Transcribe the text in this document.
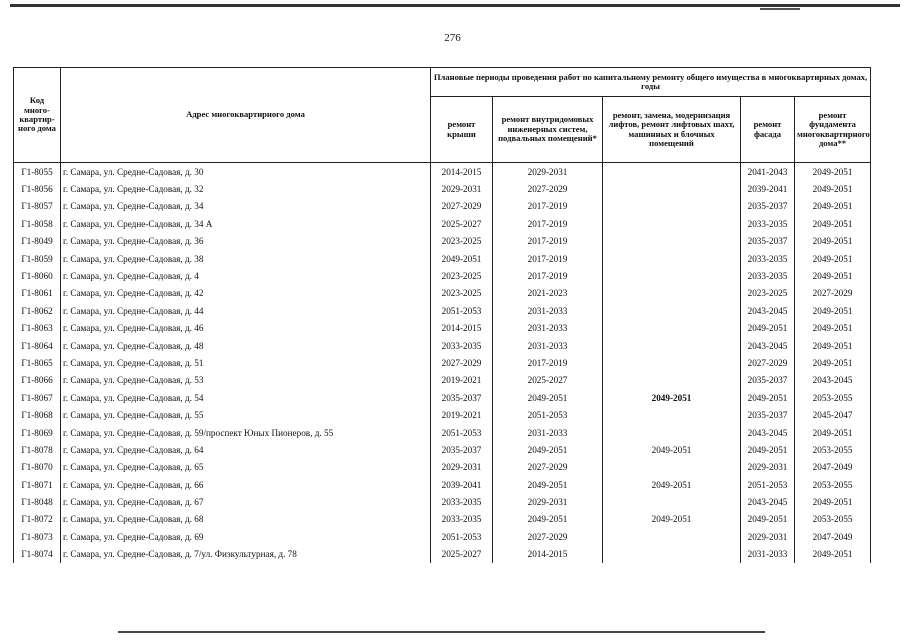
276
Код много-квартир-ного дома	Адрес многоквартирного дома	Плановые периоды проведения работ по капитальному ремонту общего имущества в многоквартирных домах, годы				
		ремонт крыши	ремонт внутридомовых инженерных систем, подвальных помещений*	ремонт, замена, модернизация лифтов, ремонт лифтовых шахт, машинных и блочных помещений	ремонт фасада	ремонт фундамента многоквартирного дома**
Г1-8055	г. Самара, ул. Средне-Садовая, д. 30	2014-2015	2029-2031		2041-2043	2049-2051
Г1-8056	г. Самара, ул. Средне-Садовая, д. 32	2029-2031	2027-2029		2039-2041	2049-2051
Г1-8057	г. Самара, ул. Средне-Садовая, д. 34	2027-2029	2017-2019		2035-2037	2049-2051
Г1-8058	г. Самара, ул. Средне-Садовая, д. 34 А	2025-2027	2017-2019		2033-2035	2049-2051
Г1-8049	г. Самара, ул. Средне-Садовая, д. 36	2023-2025	2017-2019		2035-2037	2049-2051
Г1-8059	г. Самара, ул. Средне-Садовая, д. 38	2049-2051	2017-2019		2033-2035	2049-2051
Г1-8060	г. Самара, ул. Средне-Садовая, д. 4	2023-2025	2017-2019		2033-2035	2049-2051
Г1-8061	г. Самара, ул. Средне-Садовая, д. 42	2023-2025	2021-2023		2023-2025	2027-2029
Г1-8062	г. Самара, ул. Средне-Садовая, д. 44	2051-2053	2031-2033		2043-2045	2049-2051
Г1-8063	г. Самара, ул. Средне-Садовая, д. 46	2014-2015	2031-2033		2049-2051	2049-2051
Г1-8064	г. Самара, ул. Средне-Садовая, д. 48	2033-2035	2031-2033		2043-2045	2049-2051
Г1-8065	г. Самара, ул. Средне-Садовая, д. 51	2027-2029	2017-2019		2027-2029	2049-2051
Г1-8066	г. Самара, ул. Средне-Садовая, д. 53	2019-2021	2025-2027		2035-2037	2043-2045
Г1-8067	г. Самара, ул. Средне-Садовая, д. 54	2035-2037	2049-2051	2049-2051	2049-2051	2053-2055
Г1-8068	г. Самара, ул. Средне-Садовая, д. 55	2019-2021	2051-2053		2035-2037	2045-2047
Г1-8069	г. Самара, ул. Средне-Садовая, д. 59/проспект Юных Пионеров, д. 55	2051-2053	2031-2033		2043-2045	2049-2051
Г1-8078	г. Самара, ул. Средне-Садовая, д. 64	2035-2037	2049-2051	2049-2051	2049-2051	2053-2055
Г1-8070	г. Самара, ул. Средне-Садовая, д. 65	2029-2031	2027-2029		2029-2031	2047-2049
Г1-8071	г. Самара, ул. Средне-Садовая, д. 66	2039-2041	2049-2051	2049-2051	2051-2053	2053-2055
Г1-8048	г. Самара, ул. Средне-Садовая, д. 67	2033-2035	2029-2031		2043-2045	2049-2051
Г1-8072	г. Самара, ул. Средне-Садовая, д. 68	2033-2035	2049-2051	2049-2051	2049-2051	2053-2055
Г1-8073	г. Самара, ул. Средне-Садовая, д. 69	2051-2053	2027-2029		2029-2031	2047-2049
Г1-8074	г. Самара, ул. Средне-Садовая, д. 7/ул. Физкультурная, д. 78	2025-2027	2014-2015		2031-2033	2049-2051
